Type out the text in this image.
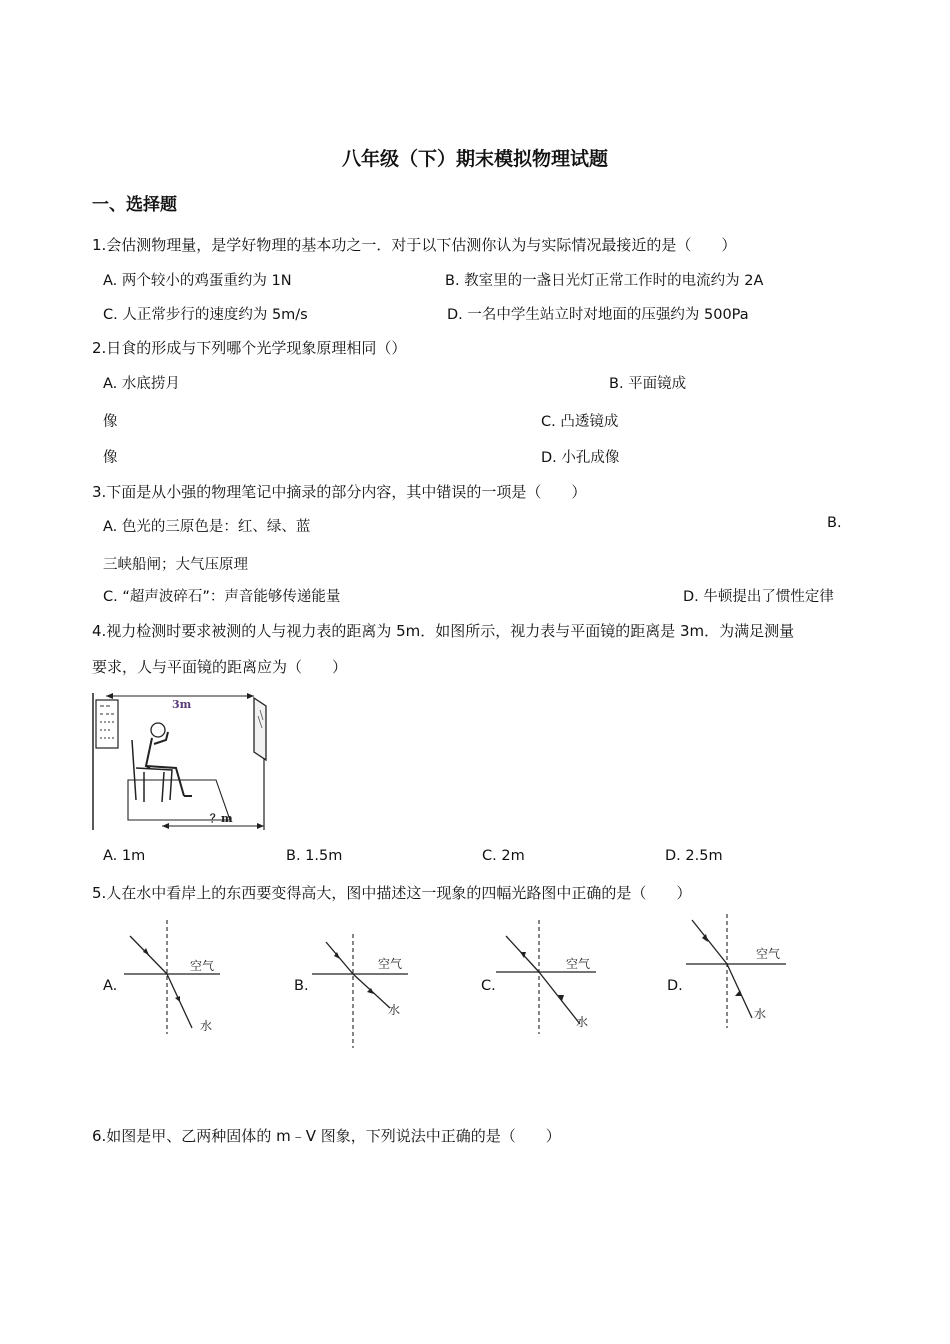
八年级（下）期末模拟物理试题
一、选择题
1.会估测物理量，是学好物理的基本功之一．对于以下估测你认为与实际情况最接近的是（　　）
A. 两个较小的鸡蛋重约为 1N	B. 教室里的一盏日光灯正常工作时的电流约为 2A
C. 人正常步行的速度约为 5m/s	D. 一名中学生站立时对地面的压强约为 500Pa
2.日食的形成与下列哪个光学现象原理相同（）
A. 水底捞月	B. 平面镜成
像	C. 凸透镜成
像	D. 小孔成像
3.下面是从小强的物理笔记中摘录的部分内容，其中错误的一项是（　　）
A. 色光的三原色是：红、绿、蓝	B.
三峡船闸；大气压原理
C. “超声波碎石”：声音能够传递能量	D. 牛顿提出了惯性定律
4.视力检测时要求被测的人与视力表的距离为 5m．如图所示，视力表与平面镜的距离是 3m．为满足测量
要求，人与平面镜的距离应为（　　）
3m
？m
A. 1m	B. 1.5m	C. 2m	D. 2.5m
5.人在水中看岸上的东西要变得高大，图中描述这一现象的四幅光路图中正确的是（　　）
A.
空气
水
B.
空气
水
C.
空气
水
D.
空气
水
6.如图是甲、乙两种固体的 m﹣V 图象，下列说法中正确的是（　　）
